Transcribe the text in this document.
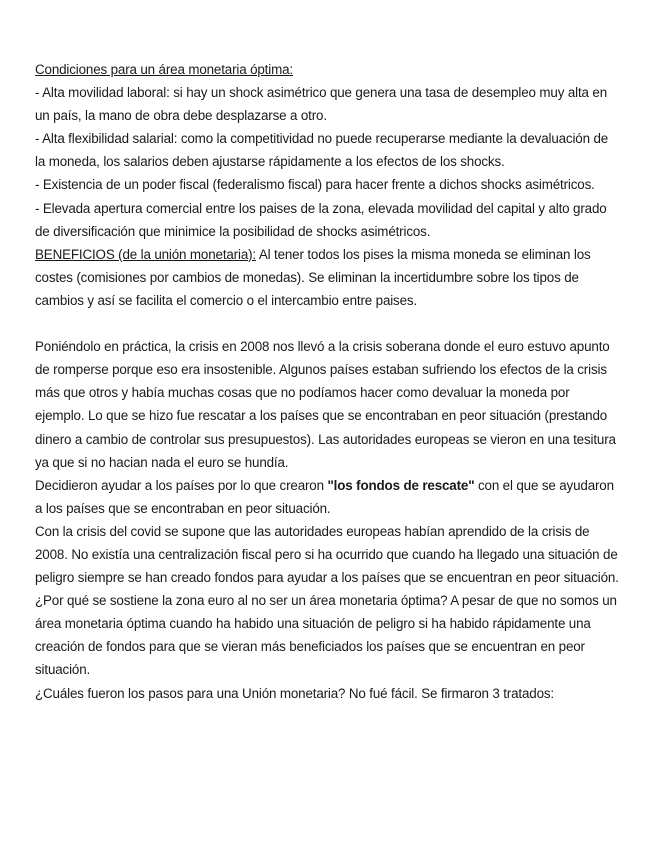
Condiciones para un área monetaria óptima:

- Alta movilidad laboral: si hay un shock asimétrico que genera una tasa de desempleo muy alta en un país, la mano de obra debe desplazarse a otro.

- Alta flexibilidad salarial: como la competitividad no puede recuperarse mediante la devaluación de la moneda, los salarios deben ajustarse rápidamente a los efectos de los shocks.

- Existencia de un poder fiscal (federalismo fiscal) para hacer frente a dichos shocks asimétricos.

- Elevada apertura comercial entre los paises de la zona, elevada movilidad del capital y alto grado de diversificación que minimice la posibilidad de shocks asimétricos.

BENEFICIOS (de la unión monetaria): Al tener todos los pises la misma moneda se eliminan los costes (comisiones por cambios de monedas). Se eliminan la incertidumbre sobre los tipos de cambios y así se facilita el comercio o el intercambio entre paises.

Poniéndolo en práctica, la crisis en 2008 nos llevó a la crisis soberana donde el euro estuvo apunto de romperse porque eso era insostenible. Algunos países estaban sufriendo los efectos de la crisis más que otros y había muchas cosas que no podíamos hacer como devaluar la moneda por ejemplo. Lo que se hizo fue rescatar a los países que se encontraban en peor situación (prestando dinero a cambio de controlar sus presupuestos). Las autoridades europeas se vieron en una tesitura ya que si no hacian nada el euro se hundía.

Decidieron ayudar a los países por lo que crearon "los fondos de rescate" con el que se ayudaron a los países que se encontraban en peor situación.

Con la crisis del covid se supone que las autoridades europeas habían aprendido de la crisis de 2008. No existía una centralización fiscal pero si ha ocurrido que cuando ha llegado una situación de peligro siempre se han creado fondos para ayudar a los países que se encuentran en peor situación.

¿Por qué se sostiene la zona euro al no ser un área monetaria óptima? A pesar de que no somos un área monetaria óptima cuando ha habido una situación de peligro si ha habido rápidamente una creación de fondos para que se vieran más beneficiados los países que se encuentran en peor situación.

¿Cuáles fueron los pasos para una Unión monetaria? No fué fácil. Se firmaron 3 tratados:
